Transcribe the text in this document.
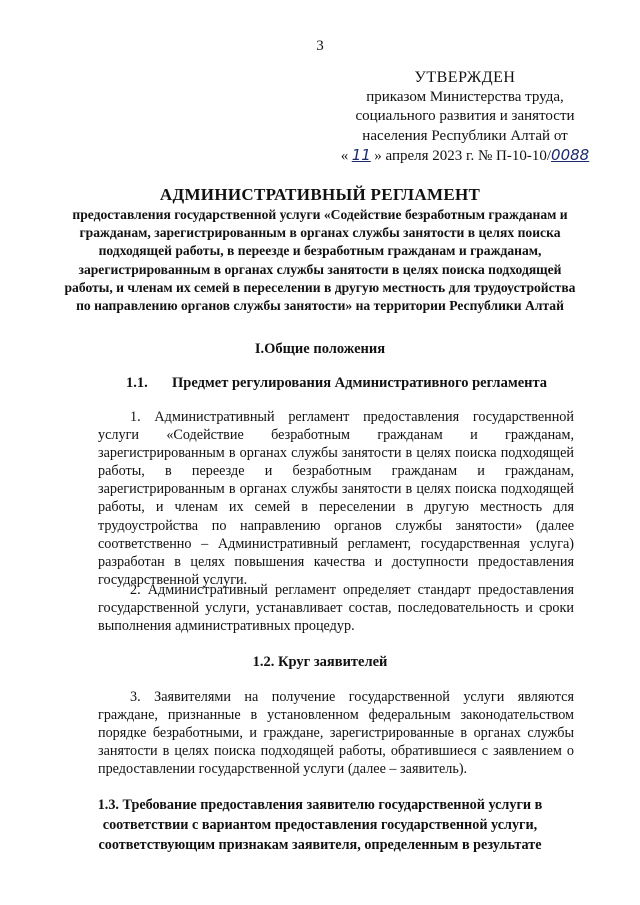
3
УТВЕРЖДЕН
приказом Министерства труда,
социального развития и занятости
населения Республики Алтай от
« 11 » апреля 2023 г. № П-10-10/0088
АДМИНИСТРАТИВНЫЙ РЕГЛАМЕНТ
предоставления государственной услуги «Содействие безработным гражданам и гражданам, зарегистрированным в органах службы занятости в целях поиска подходящей работы, в переезде и безработным гражданам и гражданам, зарегистрированным в органах службы занятости в целях поиска подходящей работы, и членам их семей в переселении в другую местность для трудоустройства по направлению органов службы занятости» на территории Республики Алтай
I.Общие положения
1.1. Предмет регулирования Административного регламента
1. Административный регламент предоставления государственной услуги «Содействие безработным гражданам и гражданам, зарегистрированным в органах службы занятости в целях поиска подходящей работы, в переезде и безработным гражданам и гражданам, зарегистрированным в органах службы занятости в целях поиска подходящей работы, и членам их семей в переселении в другую местность для трудоустройства по направлению органов службы занятости» (далее соответственно – Административный регламент, государственная услуга) разработан в целях повышения качества и доступности предоставления государственной услуги.
2. Административный регламент определяет стандарт предоставления государственной услуги, устанавливает состав, последовательность и сроки выполнения административных процедур.
1.2. Круг заявителей
3. Заявителями на получение государственной услуги являются граждане, признанные в установленном федеральным законодательством порядке безработными, и граждане, зарегистрированные в органах службы занятости в целях поиска подходящей работы, обратившиеся с заявлением о предоставлении государственной услуги (далее – заявитель).
1.3. Требование предоставления заявителю государственной услуги в соответствии с вариантом предоставления государственной услуги, соответствующим признакам заявителя, определенным в результате
